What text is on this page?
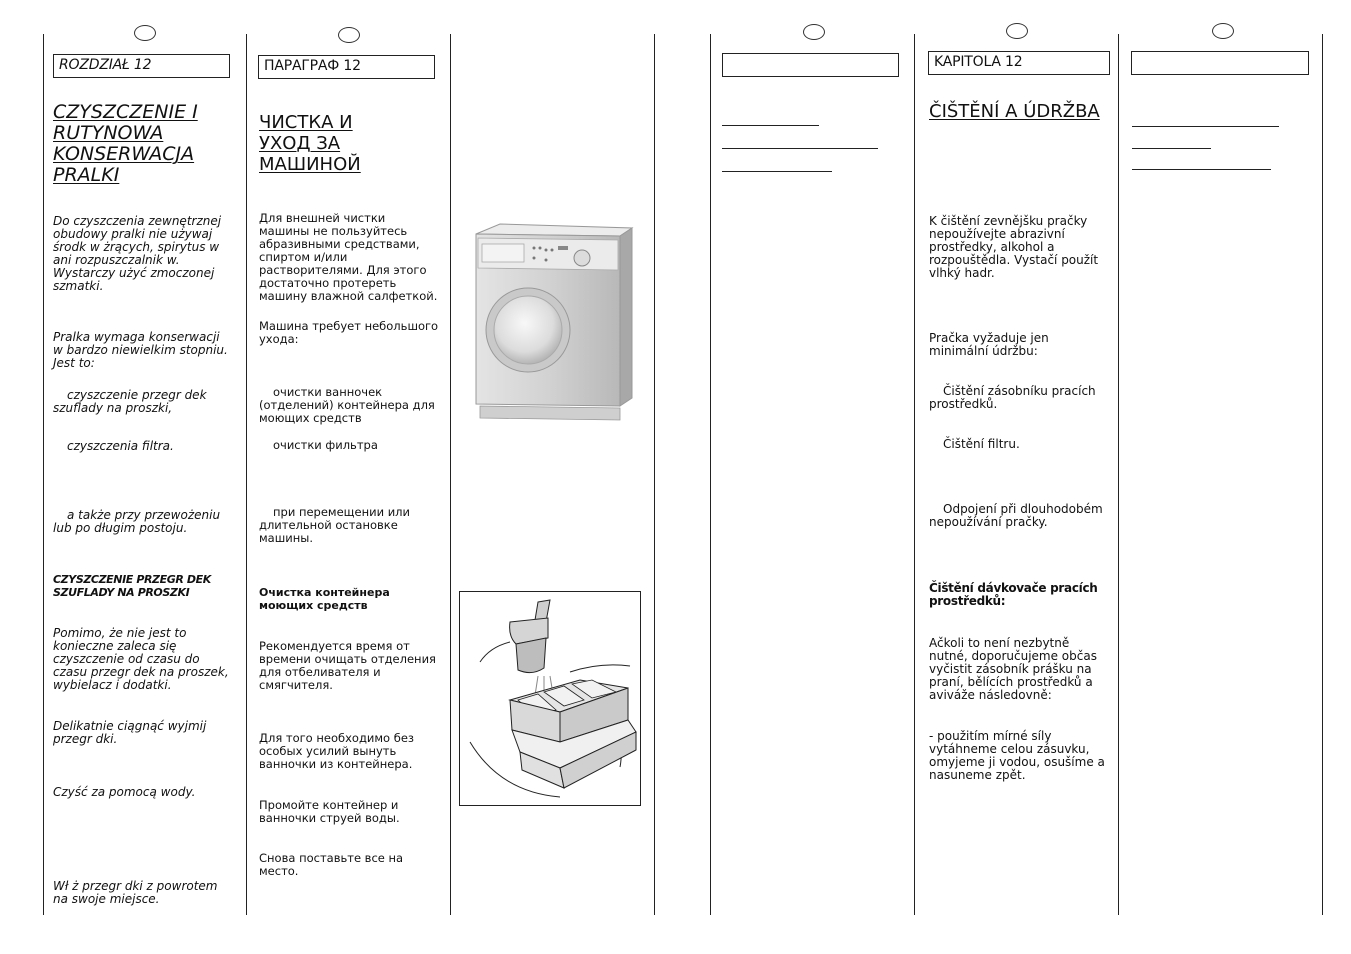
ROZDZIAŁ 12
CZYSZCZENIE I RUTYNOWA KONSERWACJA PRALKI

Do czyszczenia zewnętrznej obudowy pralki nie używaj środk w żrących, spirytus w ani rozpuszczalnik w. Wystarczy użyć zmoczonej szmatki.

Pralka wymaga konserwacji w bardzo niewielkim stopniu. Jest to:

czyszczenie przegr dek szuflady na proszki,

czyszczenia filtra.

a także przy przewożeniu lub po długim postoju.

CZYSZCZENIE PRZEGR DEK SZUFLADY NA PROSZKI

Pomimo, że nie jest to konieczne zaleca się czyszczenie od czasu do czasu przegr dek na proszek, wybielacz i dodatki.

Delikatnie ciągnąć wyjmij przegr dki.

Czyść za pomocą wody.

Wł ż przegr dki z powrotem na swoje miejsce.

ПАРАГРАФ 12
ЧИСТКА И УХОД ЗА МАШИНОЙ

Для внешней чистки машины не пользуйтесь абразивными средствами, спиртом и/или растворителями. Для этого достаточно протереть машину влажной салфеткой.

Машина требует небольшого ухода:

очистки ванночек (отделений) контейнера для моющих средств

очистки фильтра

при перемещении или длительной остановке машины.

Очистка контейнера моющих средств

Рекомендуется время от времени очищать отделения для отбеливателя и смягчителя.

Для того необходимо без особых усилий вынуть ванночки из контейнера.

Промойте контейнер и ванночки струей воды.

Снова поставьте все на место.

KAPITOLA 12
ČIŠTĚNÍ A ÚDRŽBA

K čištění zevnějšku pračky nepoužívejte abrazivní prostředky, alkohol a rozpouštědla. Vystačí použít vlhký hadr.

Pračka vyžaduje jen minimální údržbu:

Čištění zásobníku pracích prostředků.

Čištění filtru.

Odpojení při dlouhodobém nepoužívání pračky.

Čištění dávkovače pracích prostředků:

Ačkoli to není nezbytně nutné, doporučujeme občas vyčistit zásobník prášku na praní, bělících prostředků a aviváže následovně:

- použitím mírné síly vytáhneme celou zásuvku, omyjeme ji vodou, osušíme a nasuneme zpět.
